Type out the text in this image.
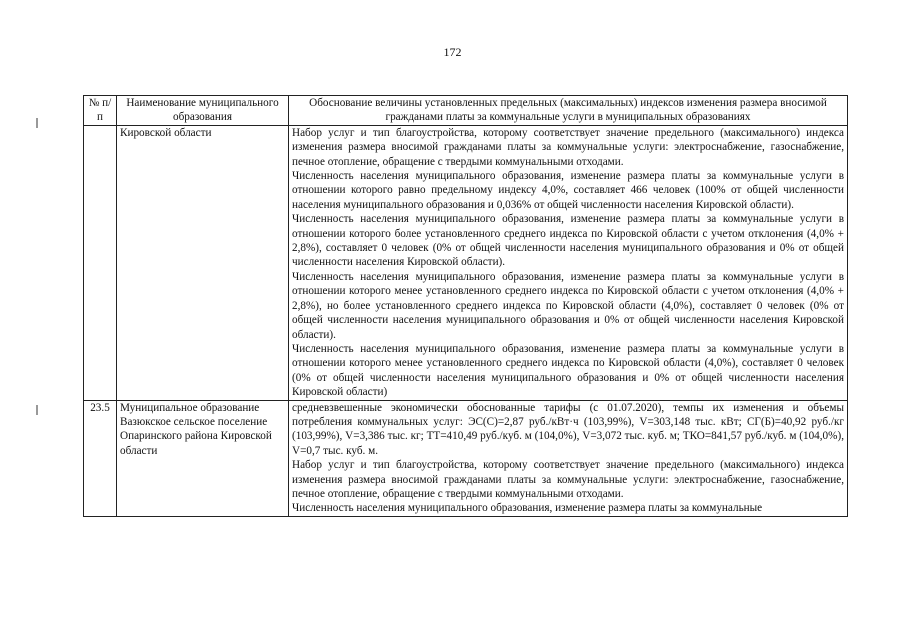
172
№ п/п	Наименование муниципального образования	Обоснование величины установленных предельных (максимальных) индексов изменения размера вносимой гражданами платы за коммунальные услуги в муниципальных образованиях
	Кировской области	Набор услуг и тип благоустройства, которому соответствует значение предельного (максимального) индекса изменения размера вносимой гражданами платы за коммунальные услуги: электроснабжение, газоснабжение, печное отопление, обращение с твердыми коммунальными отходами.
Численность населения муниципального образования, изменение размера платы за коммунальные услуги в отношении которого равно предельному индексу 4,0%, составляет 466 человек (100% от общей численности населения муниципального образования и 0,036% от общей численности населения Кировской области).
Численность населения муниципального образования, изменение размера платы за коммунальные услуги в отношении которого более установленного среднего индекса по Кировской области с учетом отклонения (4,0% + 2,8%), составляет 0 человек (0% от общей численности населения муниципального образования и 0% от общей численности населения Кировской области).
Численность населения муниципального образования, изменение размера платы за коммунальные услуги в отношении которого менее установленного среднего индекса по Кировской области с учетом отклонения (4,0% + 2,8%), но более установленного среднего индекса по Кировской области (4,0%), составляет 0 человек (0% от общей численности населения муниципального образования и 0% от общей численности населения Кировской области).
Численность населения муниципального образования, изменение размера платы за коммунальные услуги в отношении которого менее установленного среднего индекса по Кировской области (4,0%), составляет 0 человек (0% от общей численности населения муниципального образования и 0% от общей численности населения Кировской области)

23.5	Муниципальное образование Вазюкское сельское поселение Опаринского района Кировской области	средневзвешенные экономически обоснованные тарифы (с 01.07.2020), темпы их изменения и объемы потребления коммунальных услуг: ЭС(С)=2,87 руб./кВт·ч (103,99%), V=303,148 тыс. кВт; СГ(Б)=40,92 руб./кг (103,99%), V=3,386 тыс. кг; ТТ=410,49 руб./куб. м (104,0%), V=3,072 тыс. куб. м; ТКО=841,57 руб./куб. м (104,0%), V=0,7 тыс. куб. м.
Набор услуг и тип благоустройства, которому соответствует значение предельного (максимального) индекса изменения размера вносимой гражданами платы за коммунальные услуги: электроснабжение, газоснабжение, печное отопление, обращение с твердыми коммунальными отходами.
Численность населения муниципального образования, изменение размера платы за коммунальные
